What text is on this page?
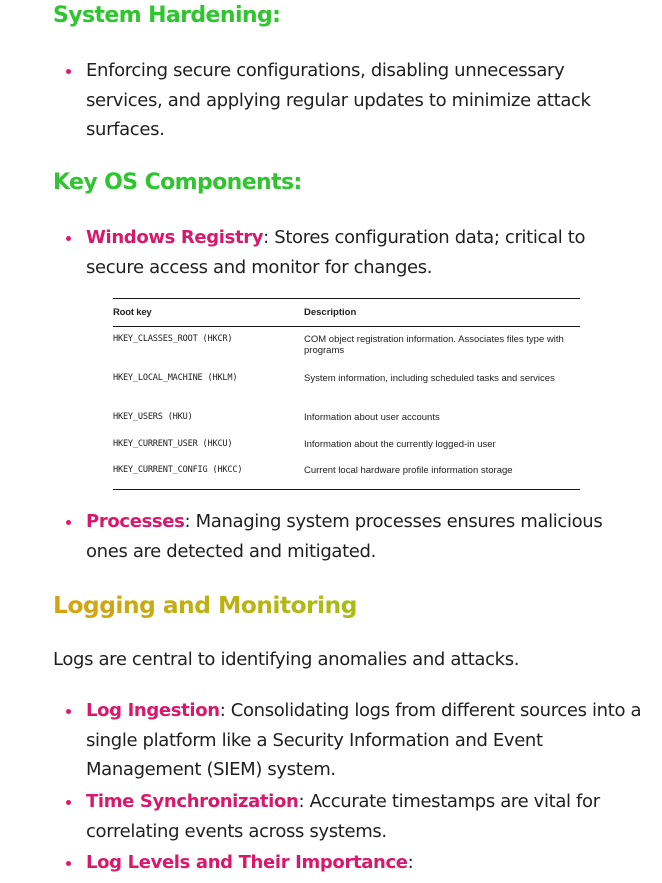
System Hardening:

Enforcing secure configurations, disabling unnecessary services, and applying regular updates to minimize attack surfaces.

Key OS Components:

Windows Registry: Stores configuration data; critical to secure access and monitor for changes.

Root key	Description

HKEY_CLASSES_ROOT (HKCR)	COM object registration information. Associates files type with programs

HKEY_LOCAL_MACHINE (HKLM)	System information, including scheduled tasks and services

HKEY_USERS (HKU)	Information about user accounts

HKEY_CURRENT_USER (HKCU)	Information about the currently logged-in user

HKEY_CURRENT_CONFIG (HKCC)	Current local hardware profile information storage

Processes: Managing system processes ensures malicious ones are detected and mitigated.

Logging and Monitoring

Logs are central to identifying anomalies and attacks.

Log Ingestion: Consolidating logs from different sources into a single platform like a Security Information and Event Management (SIEM) system.

Time Synchronization: Accurate timestamps are vital for correlating events across systems.

Log Levels and Their Importance:
